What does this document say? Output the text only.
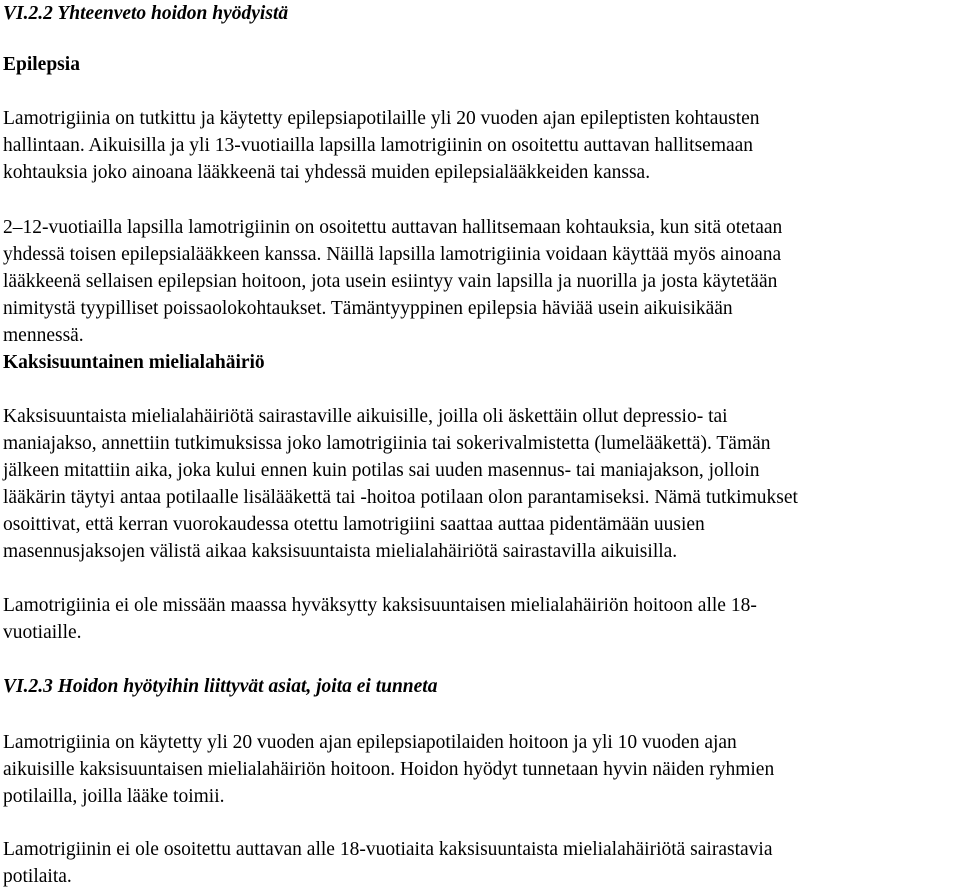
VI.2.2 Yhteenveto hoidon hyödyistä

Epilepsia

Lamotrigiinia on tutkittu ja käytetty epilepsiapotilaille yli 20 vuoden ajan epileptisten kohtausten
hallintaan. Aikuisilla ja yli 13-vuotiailla lapsilla lamotrigiinin on osoitettu auttavan hallitsemaan
kohtauksia joko ainoana lääkkeenä tai yhdessä muiden epilepsialääkkeiden kanssa.
2–12-vuotiailla lapsilla lamotrigiinin on osoitettu auttavan hallitsemaan kohtauksia, kun sitä otetaan
yhdessä toisen epilepsialääkkeen kanssa. Näillä lapsilla lamotrigiinia voidaan käyttää myös ainoana
lääkkeenä sellaisen epilepsian hoitoon, jota usein esiintyy vain lapsilla ja nuorilla ja josta käytetään
nimitystä tyypilliset poissaolokohtaukset. Tämäntyyppinen epilepsia häviää usein aikuisikään
mennessä.

Kaksisuuntainen mielialahäiriö

Kaksisuuntaista mielialahäiriötä sairastaville aikuisille, joilla oli äskettäin ollut depressio- tai
maniajakso, annettiin tutkimuksissa joko lamotrigiinia tai sokerivalmistetta (lumelääkettä). Tämän
jälkeen mitattiin aika, joka kului ennen kuin potilas sai uuden masennus- tai maniajakson, jolloin
lääkärin täytyi antaa potilaalle lisälääkettä tai -hoitoa potilaan olon parantamiseksi. Nämä tutkimukset
osoittivat, että kerran vuorokaudessa otettu lamotrigiini saattaa auttaa pidentämään uusien
masennusjaksojen välistä aikaa kaksisuuntaista mielialahäiriötä sairastavilla aikuisilla.
Lamotrigiinia ei ole missään maassa hyväksytty kaksisuuntaisen mielialahäiriön hoitoon alle 18-
vuotiaille.

VI.2.3 Hoidon hyötyihin liittyvät asiat, joita ei tunneta

Lamotrigiinia on käytetty yli 20 vuoden ajan epilepsiapotilaiden hoitoon ja yli 10 vuoden ajan
aikuisille kaksisuuntaisen mielialahäiriön hoitoon. Hoidon hyödyt tunnetaan hyvin näiden ryhmien
potilailla, joilla lääke toimii.
Lamotrigiinin ei ole osoitettu auttavan alle 18-vuotiaita kaksisuuntaista mielialahäiriötä sairastavia
potilaita.
